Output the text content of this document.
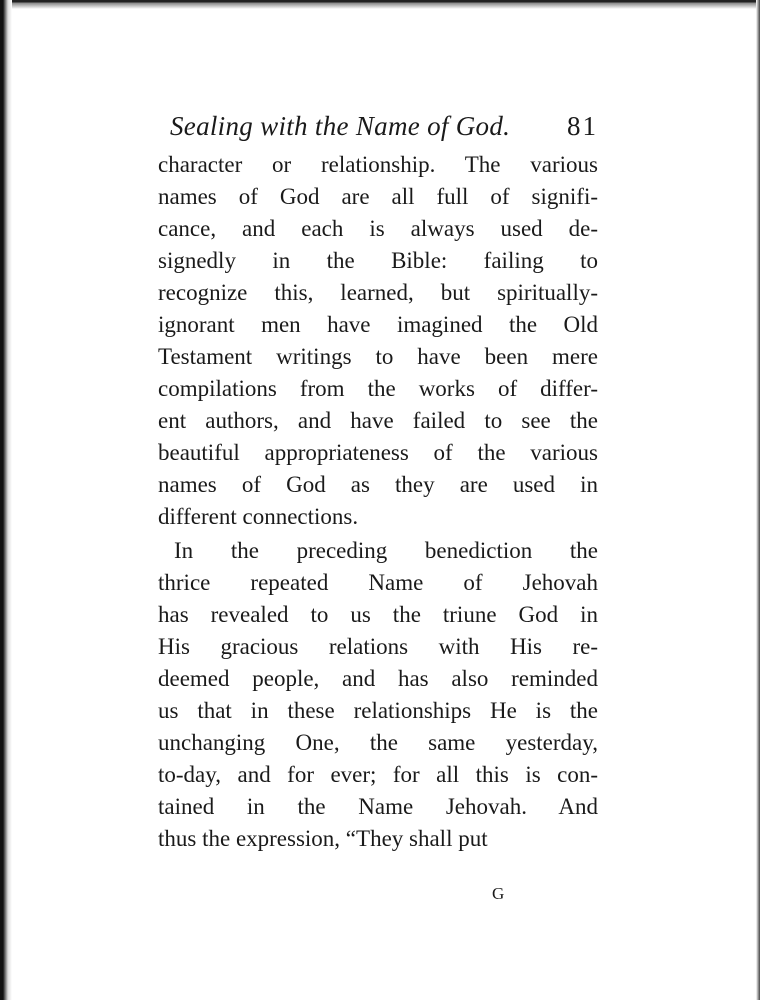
Sealing with the Name of God. 81
character or relationship. The various
names of God are all full of signifi-
cance, and each is always used de-
signedly in the Bible: failing to
recognize this, learned, but spiritually-
ignorant men have imagined the Old
Testament writings to have been mere
compilations from the works of differ-
ent authors, and have failed to see the
beautiful appropriateness of the various
names of God as they are used in
different connections.
In the preceding benediction the
thrice repeated Name of Jehovah
has revealed to us the triune God in
His gracious relations with His re-
deemed people, and has also reminded
us that in these relationships He is the
unchanging One, the same yesterday,
to-day, and for ever; for all this is con-
tained in the Name Jehovah. And
thus the expression, “They shall put
G
